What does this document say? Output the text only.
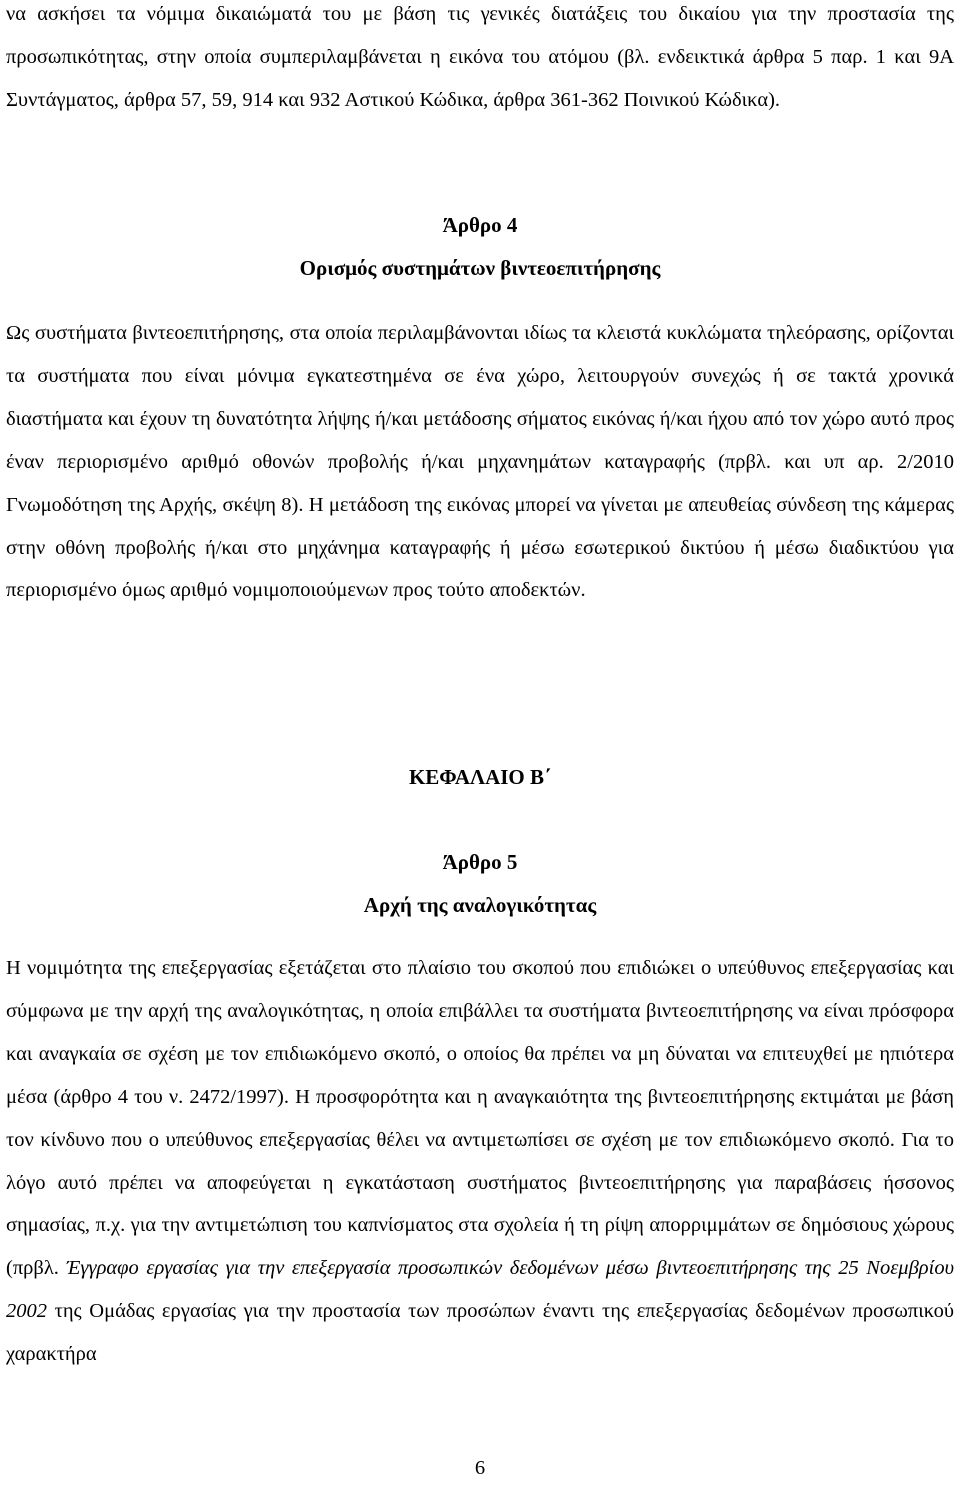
να ασκήσει τα νόμιμα δικαιώματά του με βάση τις γενικές διατάξεις του δικαίου για την προστασία της προσωπικότητας, στην οποία συμπεριλαμβάνεται η εικόνα του ατόμου (βλ. ενδεικτικά άρθρα 5 παρ. 1 και 9Α Συντάγματος, άρθρα 57, 59, 914 και 932 Αστικού Κώδικα, άρθρα 361-362 Ποινικού Κώδικα).

Άρθρο 4
Ορισμός συστημάτων βιντεοεπιτήρησης

Ως συστήματα βιντεοεπιτήρησης, στα οποία περιλαμβάνονται ιδίως τα κλειστά κυκλώματα τηλεόρασης, ορίζονται τα συστήματα που είναι μόνιμα εγκατεστημένα σε ένα χώρο, λειτουργούν συνεχώς ή σε τακτά χρονικά διαστήματα και έχουν τη δυνατότητα λήψης ή/και μετάδοσης σήματος εικόνας ή/και ήχου από τον χώρο αυτό προς έναν περιορισμένο αριθμό οθονών προβολής ή/και μηχανημάτων καταγραφής (πρβλ. και υπ αρ. 2/2010 Γνωμοδότηση της Αρχής, σκέψη 8). Η μετάδοση της εικόνας μπορεί να γίνεται με απευθείας σύνδεση της κάμερας στην οθόνη προβολής ή/και στο μηχάνημα καταγραφής ή μέσω εσωτερικού δικτύου ή μέσω διαδικτύου για περιορισμένο όμως αριθμό νομιμοποιούμενων προς τούτο αποδεκτών.

ΚΕΦΑΛΑΙΟ Β΄
Άρθρο 5
Αρχή της αναλογικότητας

Η νομιμότητα της επεξεργασίας εξετάζεται στο πλαίσιο του σκοπού που επιδιώκει ο υπεύθυνος επεξεργασίας και σύμφωνα με την αρχή της αναλογικότητας, η οποία επιβάλλει τα συστήματα βιντεοεπιτήρησης να είναι πρόσφορα και αναγκαία σε σχέση με τον επιδιωκόμενο σκοπό, ο οποίος θα πρέπει να μη δύναται να επιτευχθεί με ηπιότερα μέσα (άρθρο 4 του ν. 2472/1997). Η προσφορότητα και η αναγκαιότητα της βιντεοεπιτήρησης εκτιμάται με βάση τον κίνδυνο που ο υπεύθυνος επεξεργασίας θέλει να αντιμετωπίσει σε σχέση με τον επιδιωκόμενο σκοπό. Για το λόγο αυτό πρέπει να αποφεύγεται η εγκατάσταση συστήματος βιντεοεπιτήρησης για παραβάσεις ήσσονος σημασίας, π.χ. για την αντιμετώπιση του καπνίσματος στα σχολεία ή τη ρίψη απορριμμάτων σε δημόσιους χώρους (πρβλ. Έγγραφο εργασίας για την επεξεργασία προσωπικών δεδομένων μέσω βιντεοεπιτήρησης της 25 Νοεμβρίου 2002 της Ομάδας εργασίας για την προστασία των προσώπων έναντι της επεξεργασίας δεδομένων προσωπικού χαρακτήρα

6
